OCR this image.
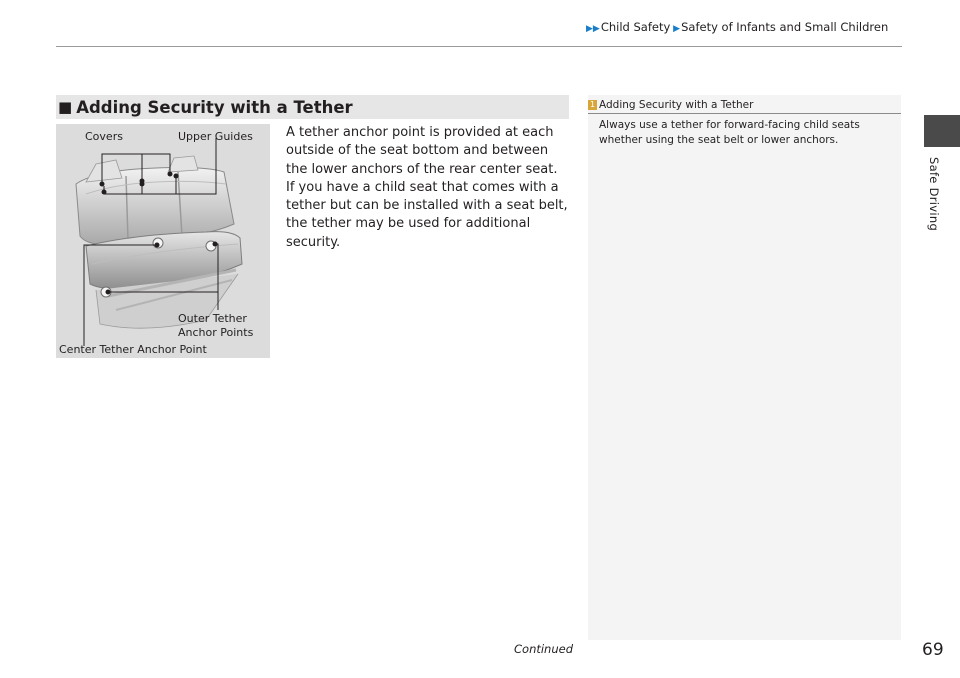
▶▶Child Safety ▶Safety of Infants and Small Children
Safe Driving
■ Adding Security with a Tether
Covers	Upper Guides
Outer Tether
Anchor Points
Center Tether Anchor Point

A tether anchor point is provided at each outside of the seat bottom and between the lower anchors of the rear center seat. If you have a child seat that comes with a tether but can be installed with a seat belt, the tether may be used for additional security.

1 Adding Security with a Tether

Always use a tether for forward-facing child seats whether using the seat belt or lower anchors.

Continued	69
